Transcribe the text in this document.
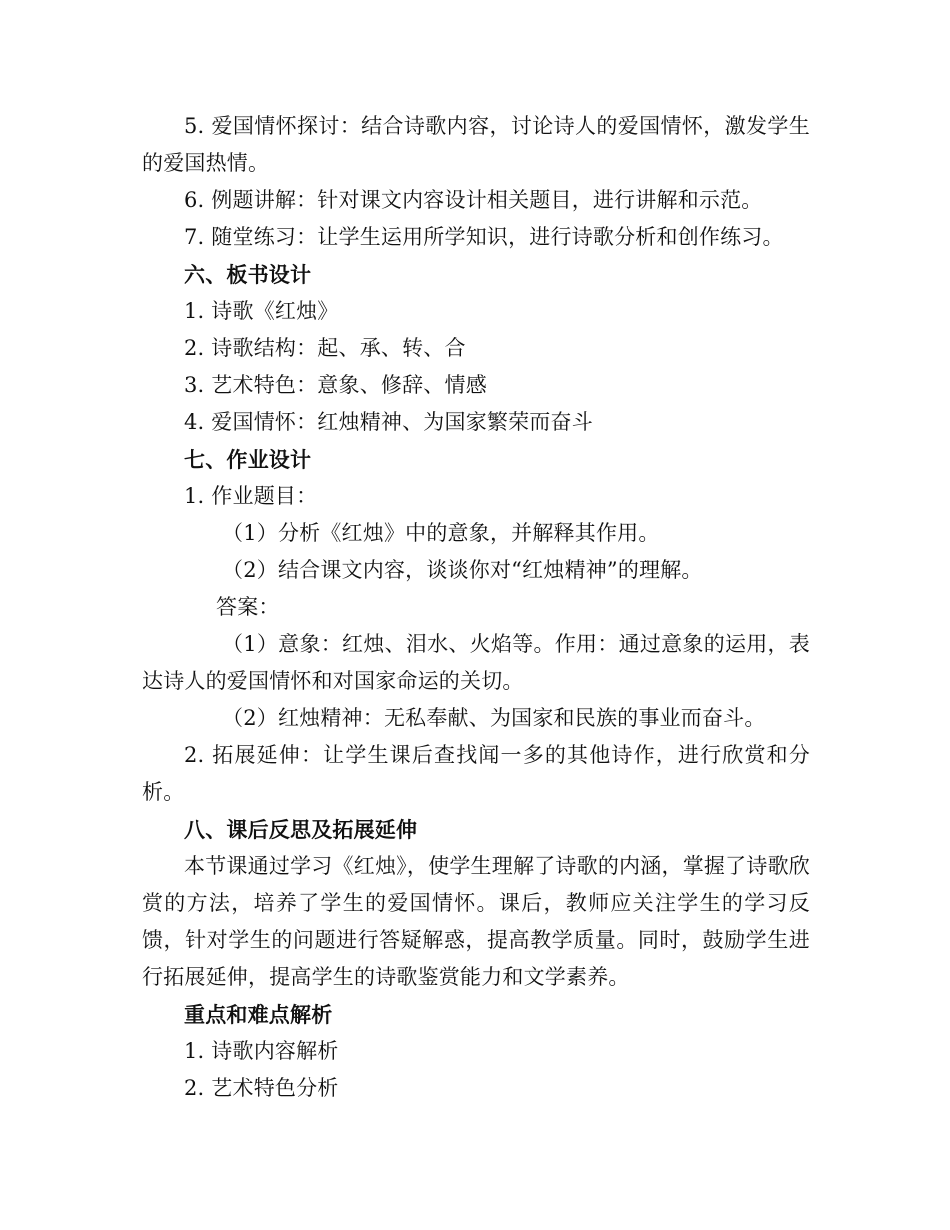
5. 爱国情怀探讨：结合诗歌内容，讨论诗人的爱国情怀，激发学生的爱国热情。
6. 例题讲解：针对课文内容设计相关题目，进行讲解和示范。
7. 随堂练习：让学生运用所学知识，进行诗歌分析和创作练习。
六、板书设计
1. 诗歌《红烛》
2. 诗歌结构：起、承、转、合
3. 艺术特色：意象、修辞、情感
4. 爱国情怀：红烛精神、为国家繁荣而奋斗
七、作业设计
1. 作业题目：
（1）分析《红烛》中的意象，并解释其作用。
（2）结合课文内容，谈谈你对“红烛精神”的理解。
答案：
（1）意象：红烛、泪水、火焰等。作用：通过意象的运用，表达诗人的爱国情怀和对国家命运的关切。
（2）红烛精神：无私奉献、为国家和民族的事业而奋斗。
2. 拓展延伸：让学生课后查找闻一多的其他诗作，进行欣赏和分析。
八、课后反思及拓展延伸
本节课通过学习《红烛》，使学生理解了诗歌的内涵，掌握了诗歌欣赏的方法，培养了学生的爱国情怀。课后，教师应关注学生的学习反馈，针对学生的问题进行答疑解惑，提高教学质量。同时，鼓励学生进行拓展延伸，提高学生的诗歌鉴赏能力和文学素养。
重点和难点解析
1. 诗歌内容解析
2. 艺术特色分析
